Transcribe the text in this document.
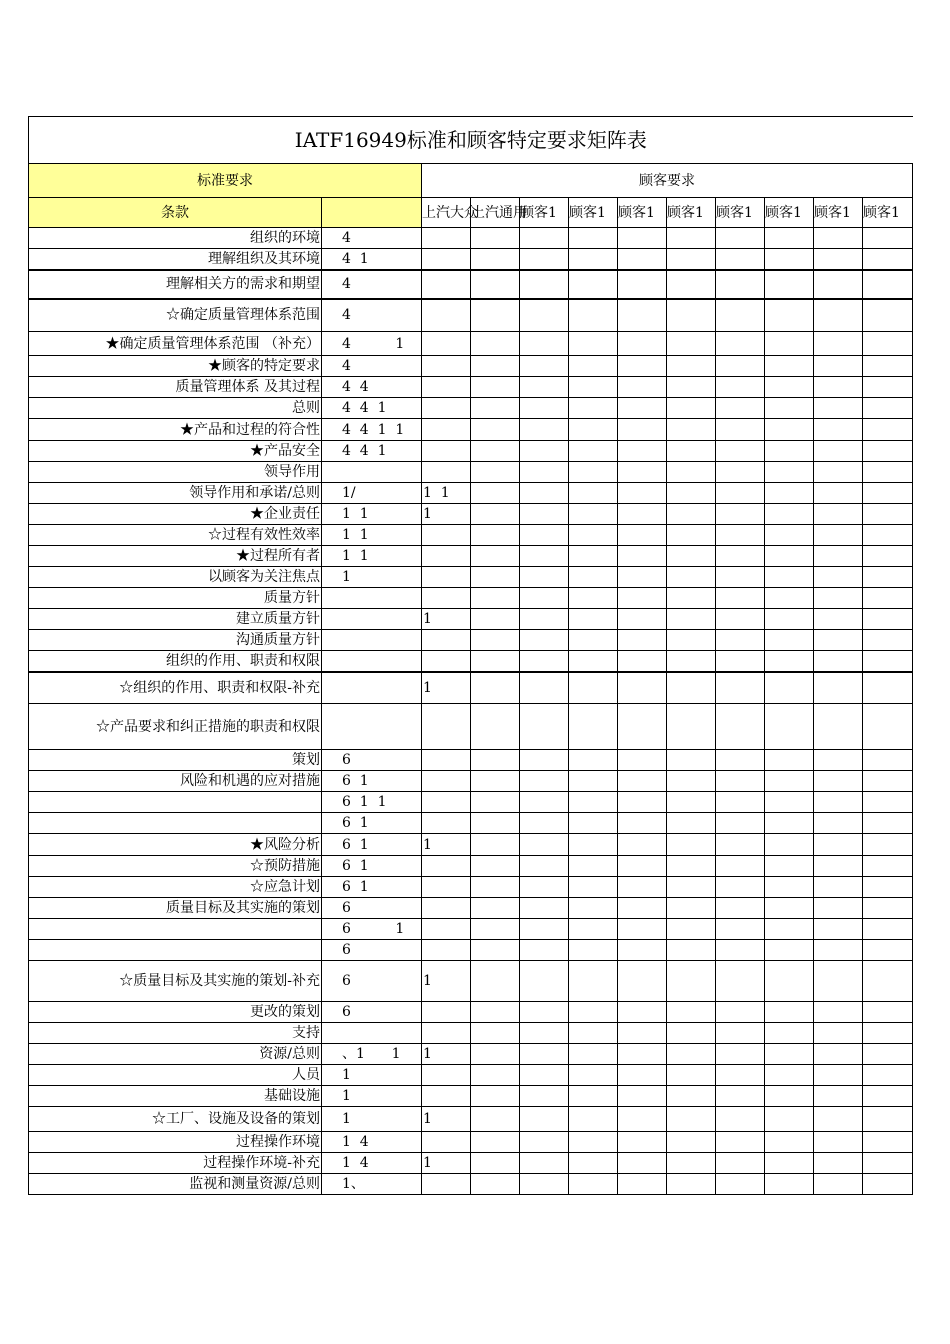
IATF16949标准和顾客特定要求矩阵表											
标准要求		顾客要求									
条款		上汽大众	上汽通用	顾客1	顾客1	顾客1	顾客1	顾客1	顾客1	顾客1	顾客1
组织的环境	4										
理解组织及其环境	4  1										
理解相关方的需求和期望	4										
☆确定质量管理体系范围	4										
★确定质量管理体系范围 （补充）	4          1										
★顾客的特定要求	4										
质量管理体系 及其过程	4  4										
总则	4  4  1										
★产品和过程的符合性	4  4  1  1										
★产品安全	4  4  1										
领导作用											
领导作用和承诺/总则	1/	1  1									
★企业责任	1  1	1									
☆过程有效性效率	1  1										
★过程所有者	1  1										
以顾客为关注焦点	1										
质量方针											
建立质量方针		1									
沟通质量方针											
组织的作用、职责和权限											
☆组织的作用、职责和权限-补充		1									
☆产品要求和纠正措施的职责和权限											
策划	6										
风险和机遇的应对措施	6  1										
	6  1  1										
	6  1										
★风险分析	6  1	1									
☆预防措施	6  1										
☆应急计划	6  1										
质量目标及其实施的策划	6										
	6          1										
	6										
☆质量目标及其实施的策划-补充	6	1									
更改的策划	6										
支持											
资源/总则	、1      1	1									
人员	1										
基础设施	1										
☆工厂、设施及设备的策划	1	1									
过程操作环境	1  4										
过程操作环境-补充	1  4	1									
监视和测量资源/总则	1、										
